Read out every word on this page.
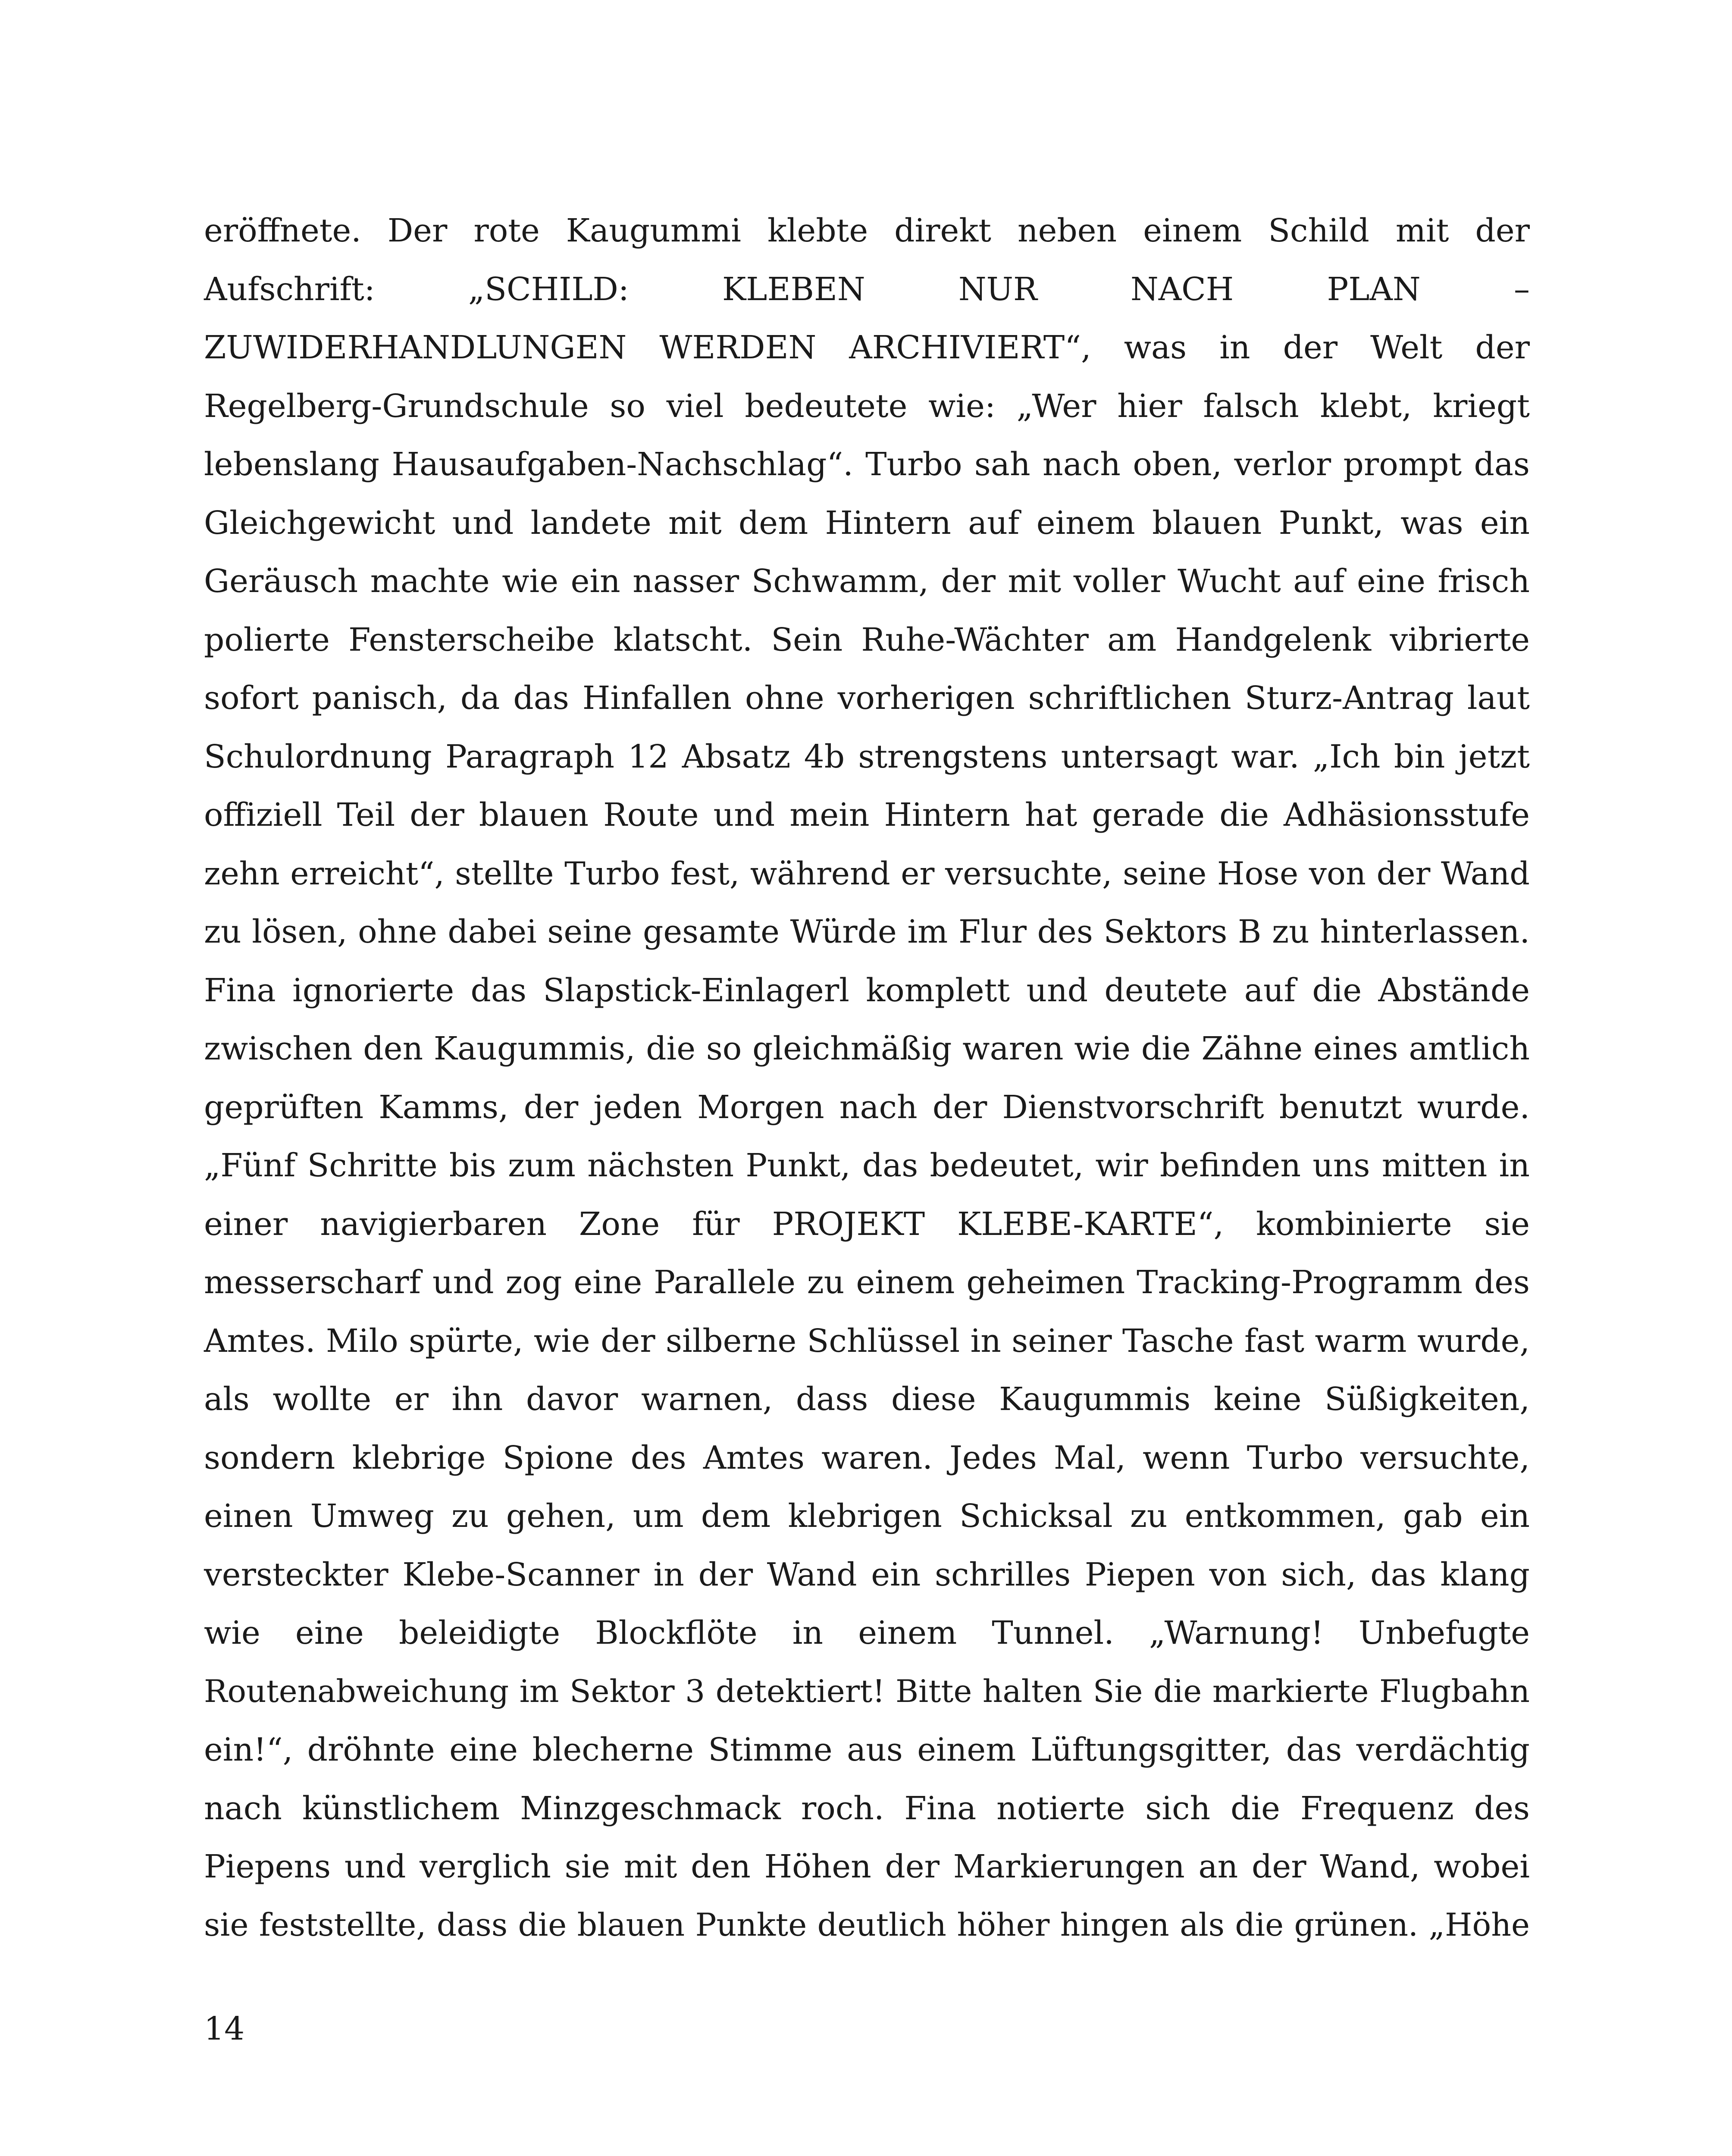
eröffnete. Der rote Kaugummi klebte direkt neben einem Schild mit der
Aufschrift: „SCHILD: KLEBEN NUR NACH PLAN –
ZUWIDERHANDLUNGEN WERDEN ARCHIVIERT“, was in der Welt der
Regelberg-Grundschule so viel bedeutete wie: „Wer hier falsch klebt, kriegt
lebenslang Hausaufgaben-Nachschlag“. Turbo sah nach oben, verlor prompt das
Gleichgewicht und landete mit dem Hintern auf einem blauen Punkt, was ein
Geräusch machte wie ein nasser Schwamm, der mit voller Wucht auf eine frisch
polierte Fensterscheibe klatscht. Sein Ruhe-Wächter am Handgelenk vibrierte
sofort panisch, da das Hinfallen ohne vorherigen schriftlichen Sturz-Antrag laut
Schulordnung Paragraph 12 Absatz 4b strengstens untersagt war. „Ich bin jetzt
offiziell Teil der blauen Route und mein Hintern hat gerade die Adhäsionsstufe
zehn erreicht“, stellte Turbo fest, während er versuchte, seine Hose von der Wand
zu lösen, ohne dabei seine gesamte Würde im Flur des Sektors B zu hinterlassen.
Fina ignorierte das Slapstick-Einlagerl komplett und deutete auf die Abstände
zwischen den Kaugummis, die so gleichmäßig waren wie die Zähne eines amtlich
geprüften Kamms, der jeden Morgen nach der Dienstvorschrift benutzt wurde.
„Fünf Schritte bis zum nächsten Punkt, das bedeutet, wir befinden uns mitten in
einer navigierbaren Zone für PROJEKT KLEBE-KARTE“, kombinierte sie
messerscharf und zog eine Parallele zu einem geheimen Tracking-Programm des
Amtes. Milo spürte, wie der silberne Schlüssel in seiner Tasche fast warm wurde,
als wollte er ihn davor warnen, dass diese Kaugummis keine Süßigkeiten,
sondern klebrige Spione des Amtes waren. Jedes Mal, wenn Turbo versuchte,
einen Umweg zu gehen, um dem klebrigen Schicksal zu entkommen, gab ein
versteckter Klebe-Scanner in der Wand ein schrilles Piepen von sich, das klang
wie eine beleidigte Blockflöte in einem Tunnel. „Warnung! Unbefugte
Routenabweichung im Sektor 3 detektiert! Bitte halten Sie die markierte Flugbahn
ein!“, dröhnte eine blecherne Stimme aus einem Lüftungsgitter, das verdächtig
nach künstlichem Minzgeschmack roch. Fina notierte sich die Frequenz des
Piepens und verglich sie mit den Höhen der Markierungen an der Wand, wobei
sie feststellte, dass die blauen Punkte deutlich höher hingen als die grünen. „Höhe
14
